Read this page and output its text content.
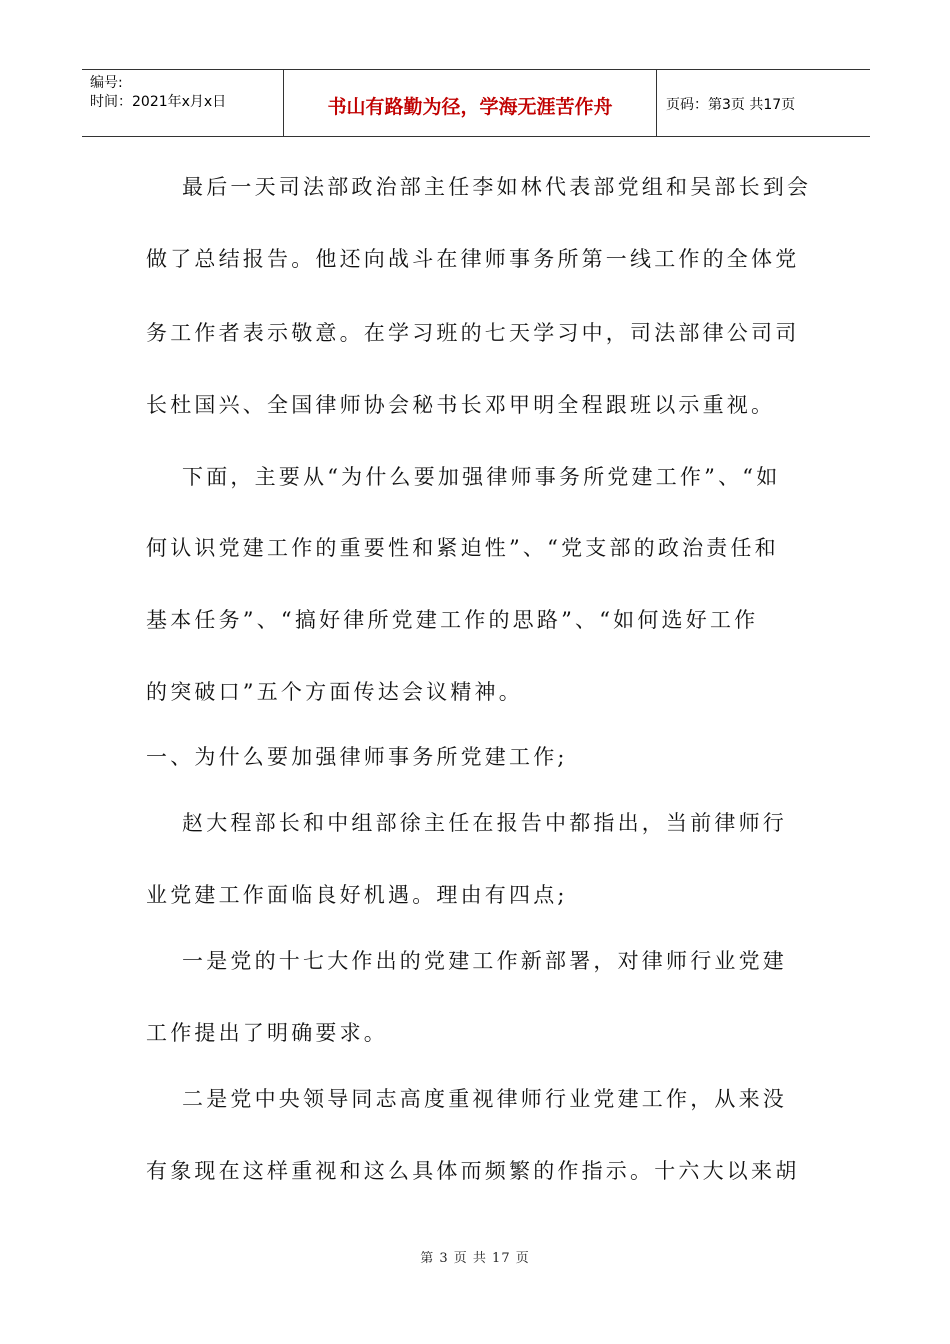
编号:
时间：2021年x月x日	书山有路勤为径，学海无涯苦作舟	页码：第3页 共17页
最后一天司法部政治部主任李如林代表部党组和吴部长到会
做了总结报告。他还向战斗在律师事务所第一线工作的全体党
务工作者表示敬意。在学习班的七天学习中，司法部律公司司
长杜国兴、全国律师协会秘书长邓甲明全程跟班以示重视。
下面，主要从“为什么要加强律师事务所党建工作”、“如
何认识党建工作的重要性和紧迫性”、“党支部的政治责任和
基本任务”、“搞好律所党建工作的思路”、“如何选好工作
的突破口”五个方面传达会议精神。
一、为什么要加强律师事务所党建工作;
赵大程部长和中组部徐主任在报告中都指出，当前律师行
业党建工作面临良好机遇。理由有四点;
一是党的十七大作出的党建工作新部署，对律师行业党建
工作提出了明确要求。
二是党中央领导同志高度重视律师行业党建工作，从来没
有象现在这样重视和这么具体而频繁的作指示。十六大以来胡
第 3 页 共 17 页
